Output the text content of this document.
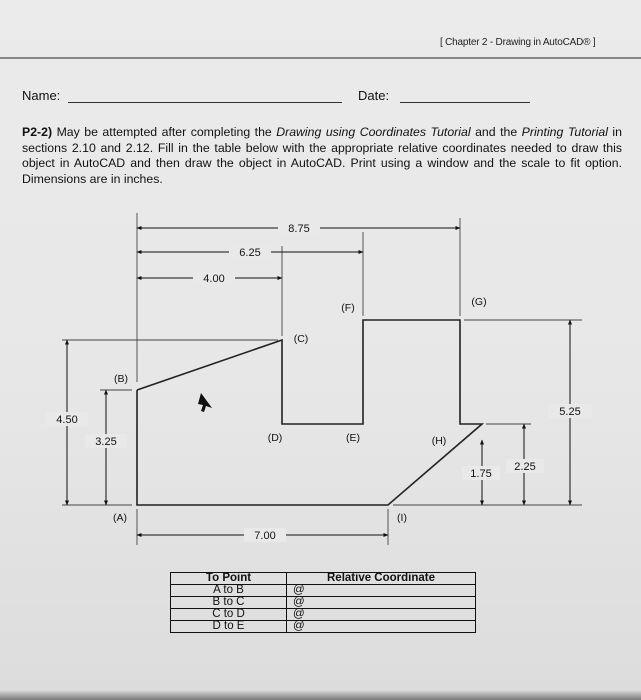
[ Chapter 2 - Drawing in AutoCAD® ]
Name:	Date:
P2-2) May be attempted after completing the Drawing using Coordinates Tutorial and the Printing Tutorial in sections 2.10 and 2.12. Fill in the table below with the appropriate relative coordinates needed to draw this object in AutoCAD and then draw the object in AutoCAD. Print using a window and the scale to fit option. Dimensions are in inches.
8.75
6.25
4.00
7.00
4.50
3.25
5.25
2.25
1.75
(A)
(B)
(C)
(D)	(E)
(F)	(G)
(H)
(I)
To Point	Relative Coordinate
A to B	@
B to C	@
C to D	@
D to E	@
